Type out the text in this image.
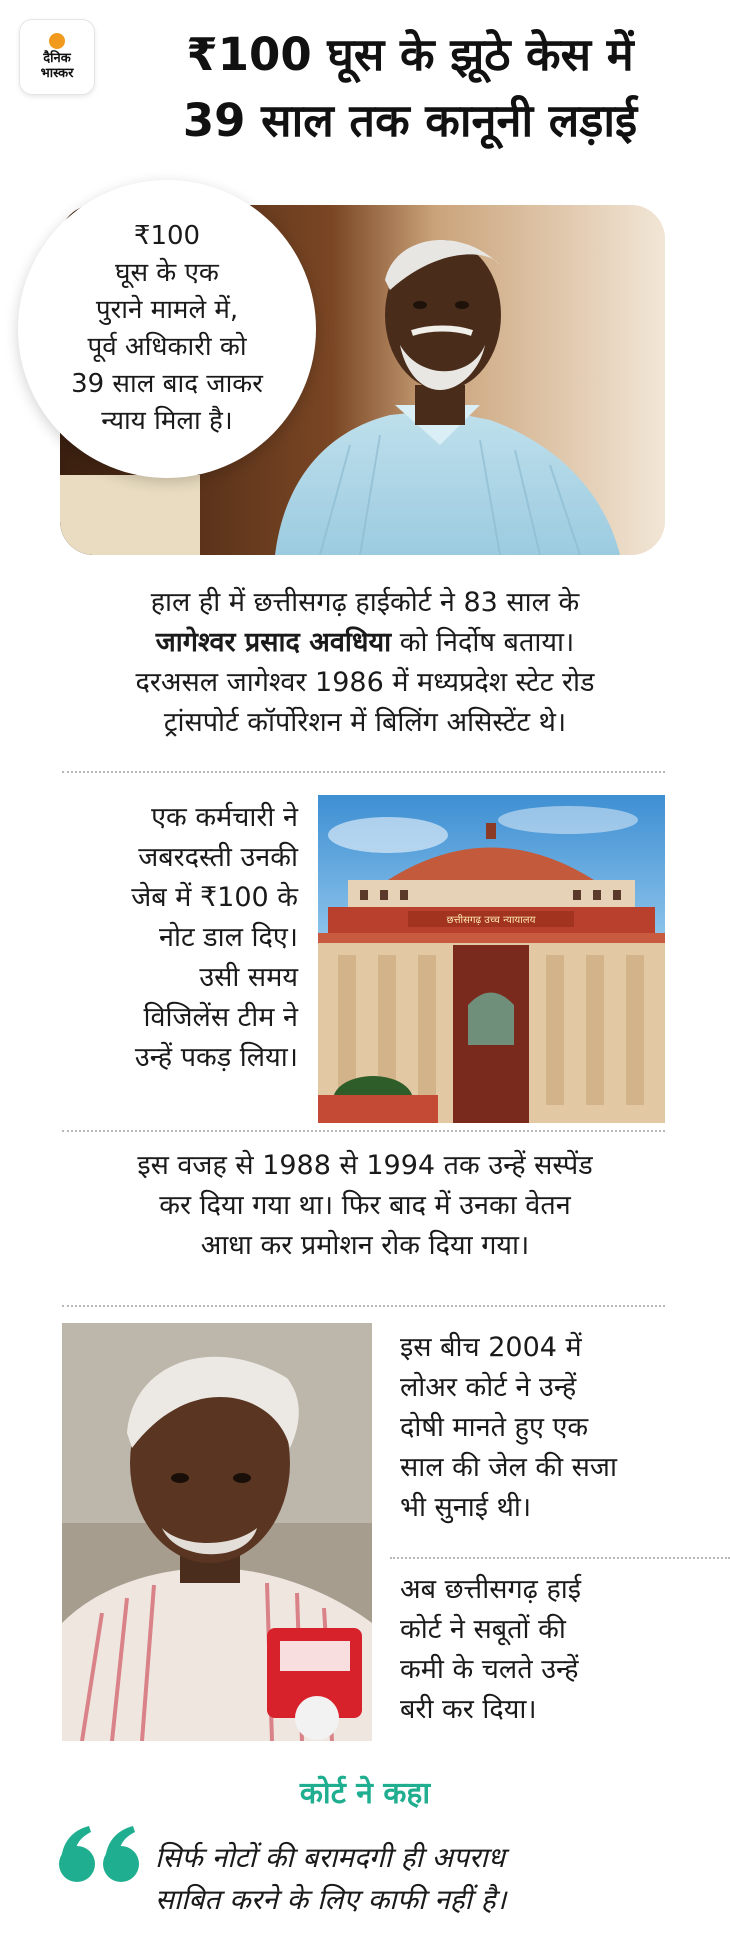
दैनिक
भास्कर	₹100 घूस के झूठे केस में
39 साल तक कानूनी लड़ाई
₹100
घूस के एक
पुराने मामले में,
पूर्व अधिकारी को
39 साल बाद जाकर
न्याय मिला है।
हाल ही में छत्तीसगढ़ हाईकोर्ट ने 83 साल के
जागेश्वर प्रसाद अवधिया को निर्दोष बताया।
दरअसल जागेश्वर 1986 में मध्यप्रदेश स्टेट रोड
ट्रांसपोर्ट कॉर्पोरेशन में बिलिंग असिस्टेंट थे।
एक कर्मचारी ने
जबरदस्ती उनकी
जेब में ₹100 के
नोट डाल दिए।
उसी समय
विजिलेंस टीम ने
उन्हें पकड़ लिया।
छत्तीसगढ़ उच्च न्यायालय
इस वजह से 1988 से 1994 तक उन्हें सस्पेंड
कर दिया गया था। फिर बाद में उनका वेतन
आधा कर प्रमोशन रोक दिया गया।
इस बीच 2004 में
लोअर कोर्ट ने उन्हें
दोषी मानते हुए एक
साल की जेल की सजा
भी सुनाई थी।
अब छत्तीसगढ़ हाई
कोर्ट ने सबूतों की
कमी के चलते उन्हें
बरी कर दिया।
कोर्ट ने कहा
सिर्फ नोटों की बरामदगी ही अपराध
साबित करने के लिए काफी नहीं है।
